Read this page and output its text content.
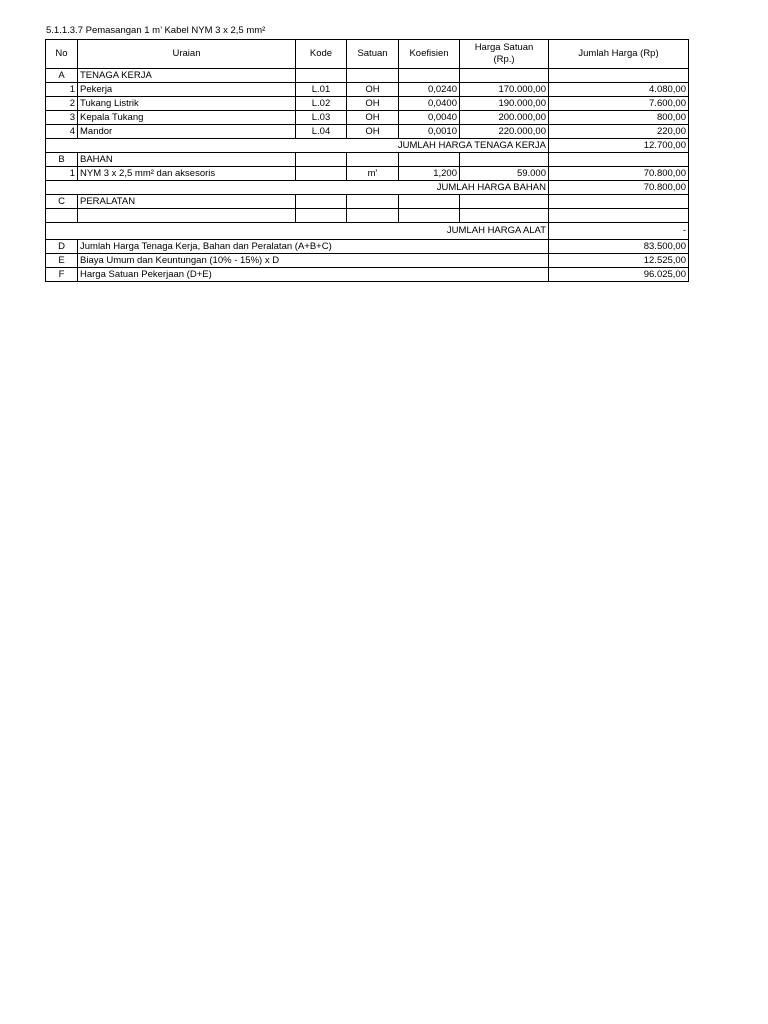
5.1.1.3.7 Pemasangan 1 m’ Kabel NYM 3 x 2,5 mm²
No	Uraian	Kode	Satuan	Koefisien	Harga Satuan
(Rp.)	Jumlah Harga (Rp)
A	TENAGA KERJA					
1	Pekerja	L.01	OH	0,0240	170.000,00	4.080,00
2	Tukang Listrik	L.02	OH	0,0400	190.000,00	7.600,00
3	Kepala Tukang	L.03	OH	0,0040	200.000,00	800,00
4	Mandor	L.04	OH	0,0010	220.000,00	220,00
JUMLAH HARGA TENAGA KERJA						12.700,00
B	BAHAN					
1	NYM 3 x 2,5 mm² dan aksesoris		m'	1,200	59.000	70.800,00
JUMLAH HARGA BAHAN						70.800,00
C	PERALATAN					

JUMLAH HARGA ALAT						-
D	Jumlah Harga Tenaga Kerja, Bahan dan Peralatan (A+B+C)					83.500,00
E	Biaya Umum dan Keuntungan (10% - 15%) x D					12.525,00
F	Harga Satuan Pekerjaan (D+E)					96.025,00
